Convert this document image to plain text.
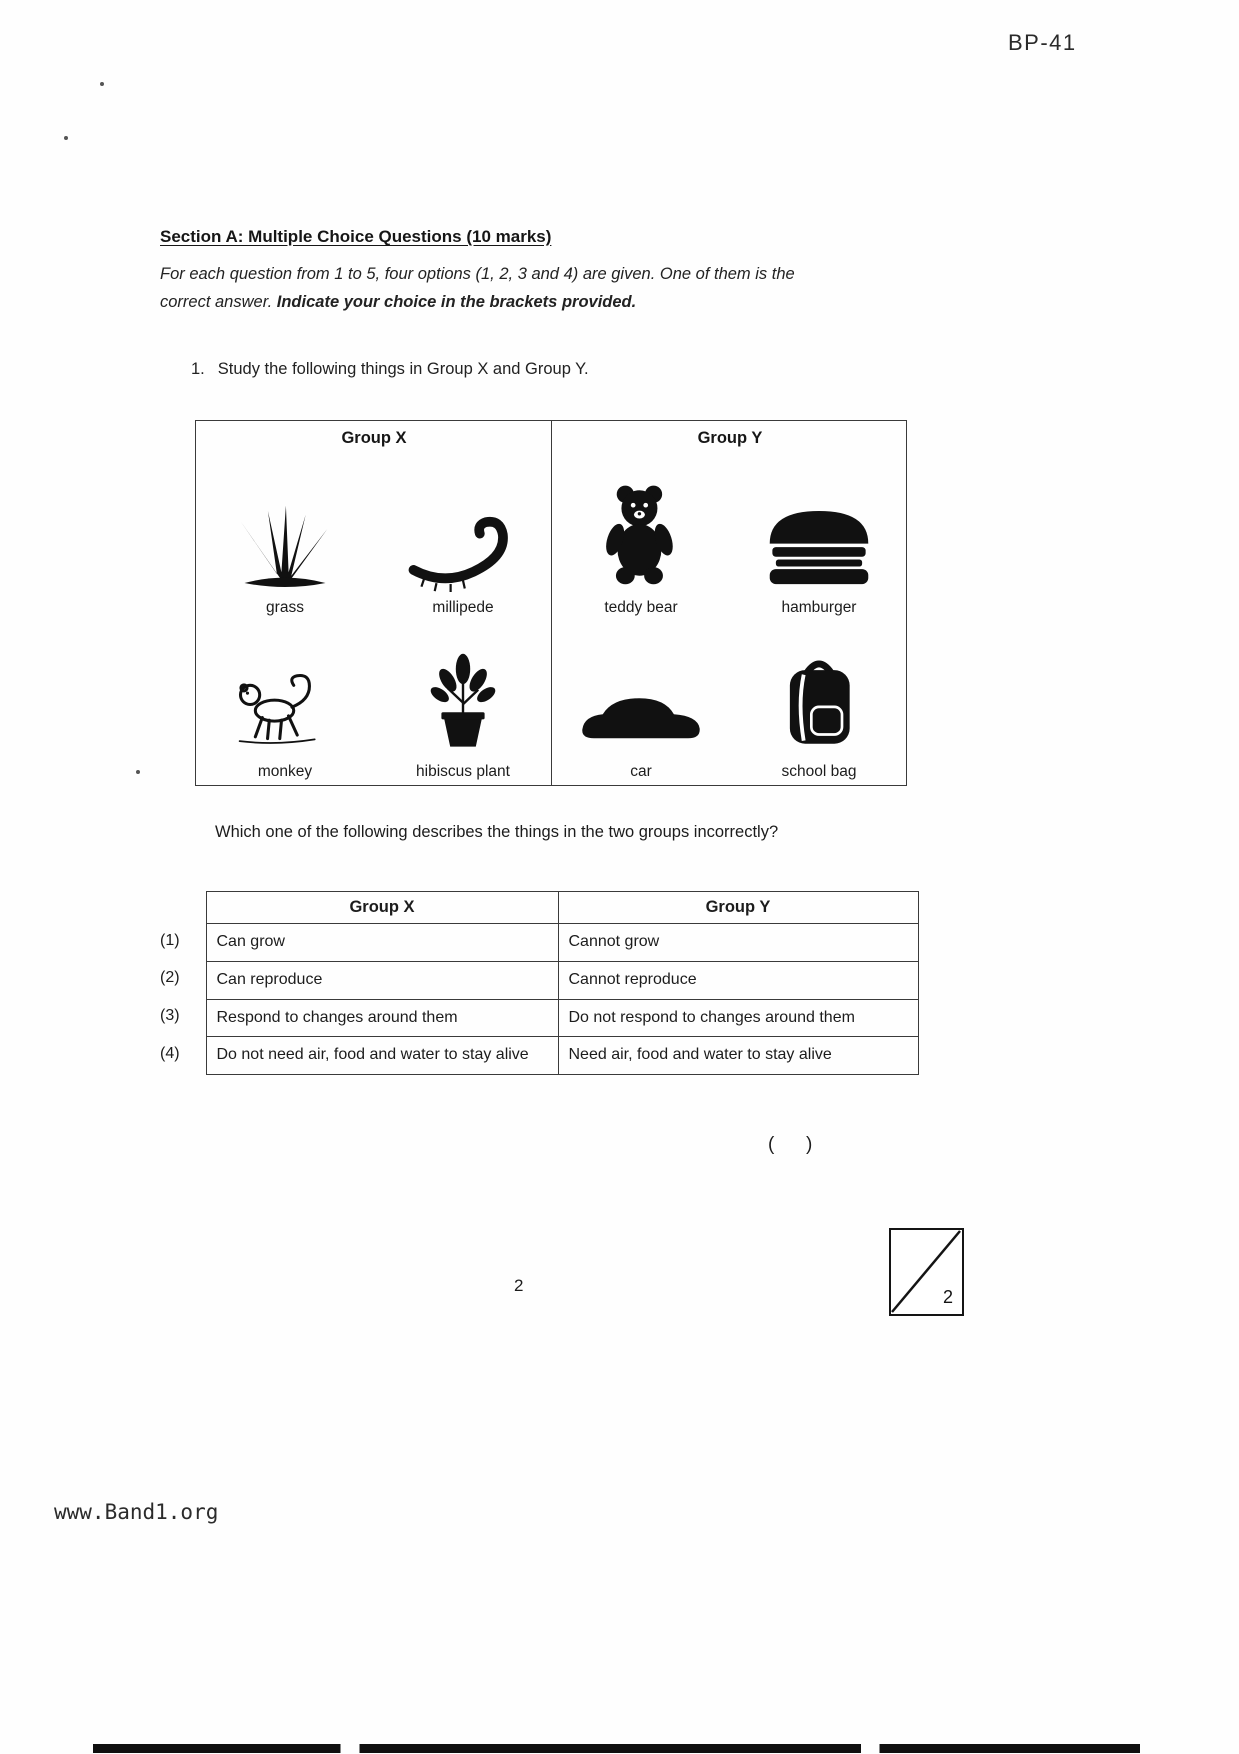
BP-41
Section A: Multiple Choice Questions (10 marks)
For each question from 1 to 5, four options (1, 2, 3 and 4) are given. One of them is the
correct answer. Indicate your choice in the brackets provided.
1. Study the following things in Group X and Group Y.
Group X	Group Y
grass	millipede
monkey	hibiscus plant
teddy bear	hamburger
car	school bag
Which one of the following describes the things in the two groups incorrectly?
	Group X	Group Y
(1)	Can grow	Cannot grow
(2)	Can reproduce	Cannot reproduce
(3)	Respond to changes around them	Do not respond to changes around them
(4)	Do not need air, food and water to stay alive	Need air, food and water to stay alive
(      )
2
2
www.Band1.org
